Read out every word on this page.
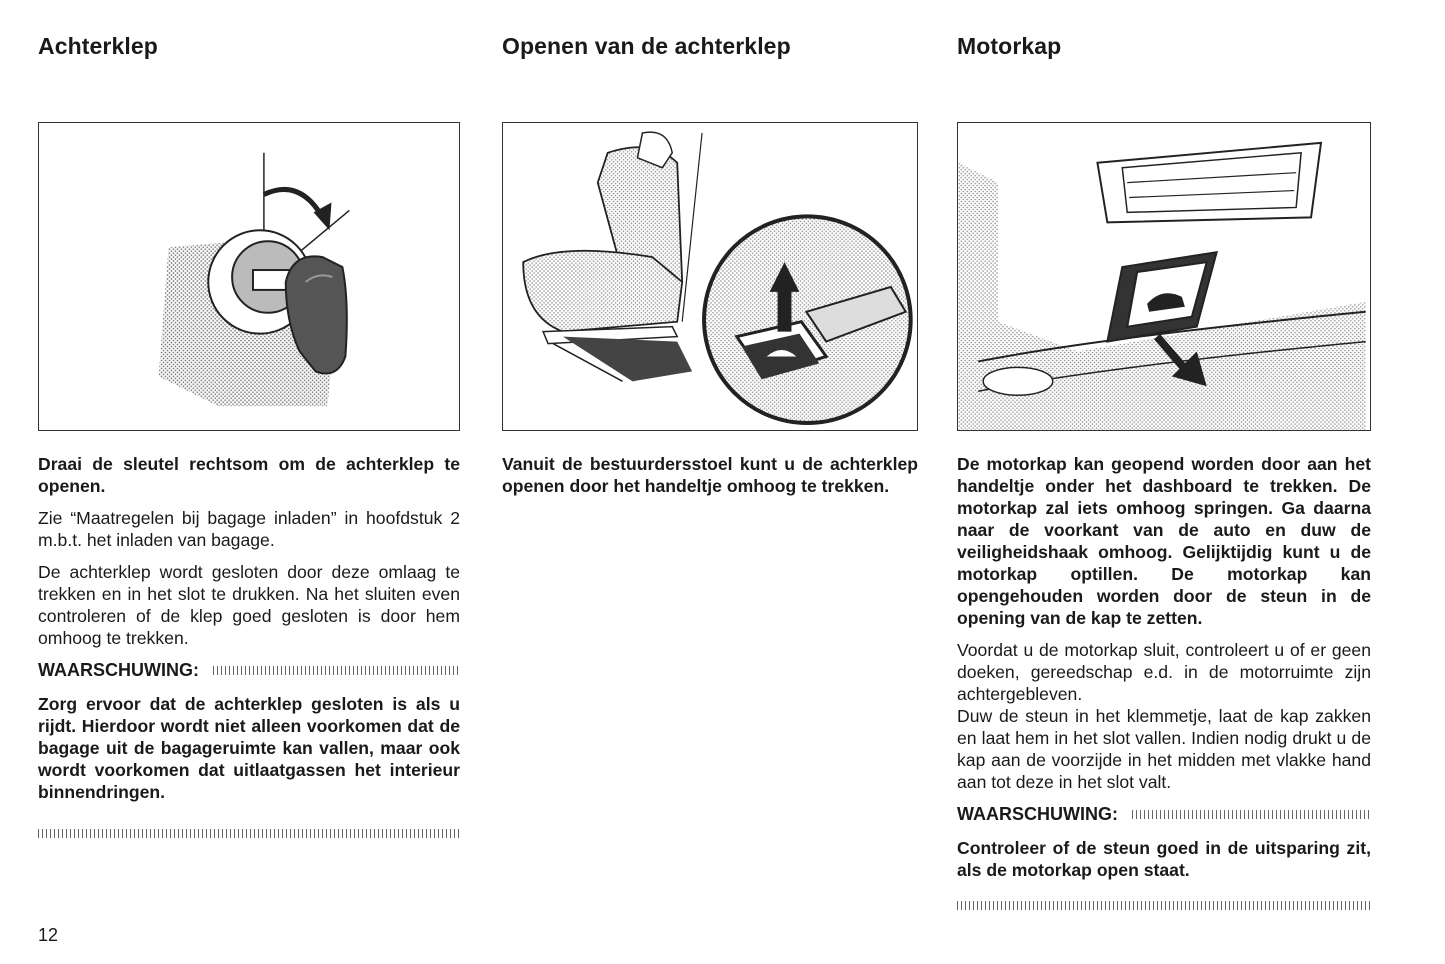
Achterklep

Draai de sleutel rechtsom om de achterklep te openen.

Zie “Maatregelen bij bagage inladen” in hoofdstuk 2 m.b.t. het inladen van bagage.

De achterklep wordt gesloten door deze omlaag te trekken en in het slot te drukken. Na het sluiten even controleren of de klep goed gesloten is door hem omhoog te trekken.

WAARSCHUWING:

Zorg ervoor dat de achterklep gesloten is als u rijdt. Hierdoor wordt niet alleen voorkomen dat de bagage uit de bagageruimte kan vallen, maar ook wordt voorkomen dat uitlaatgassen het interieur binnendringen.

Openen van de achterklep

Vanuit de bestuurdersstoel kunt u de achterklep openen door het handeltje omhoog te trekken.

Motorkap

De motorkap kan geopend worden door aan het handeltje onder het dashboard te trekken. De motorkap zal iets omhoog springen. Ga daarna naar de voorkant van de auto en duw de veiligheidshaak omhoog. Gelijktijdig kunt u de motorkap optillen. De motorkap kan opengehouden worden door de steun in de opening van de kap te zetten.

Voordat u de motorkap sluit, controleert u of er geen doeken, gereedschap e.d. in de motorruimte zijn achtergebleven.

Duw de steun in het klemmetje, laat de kap zakken en laat hem in het slot vallen. Indien nodig drukt u de kap aan de voorzijde in het midden met vlakke hand aan tot deze in het slot valt.

WAARSCHUWING:

Controleer of de steun goed in de uitsparing zit, als de motorkap open staat.

12
